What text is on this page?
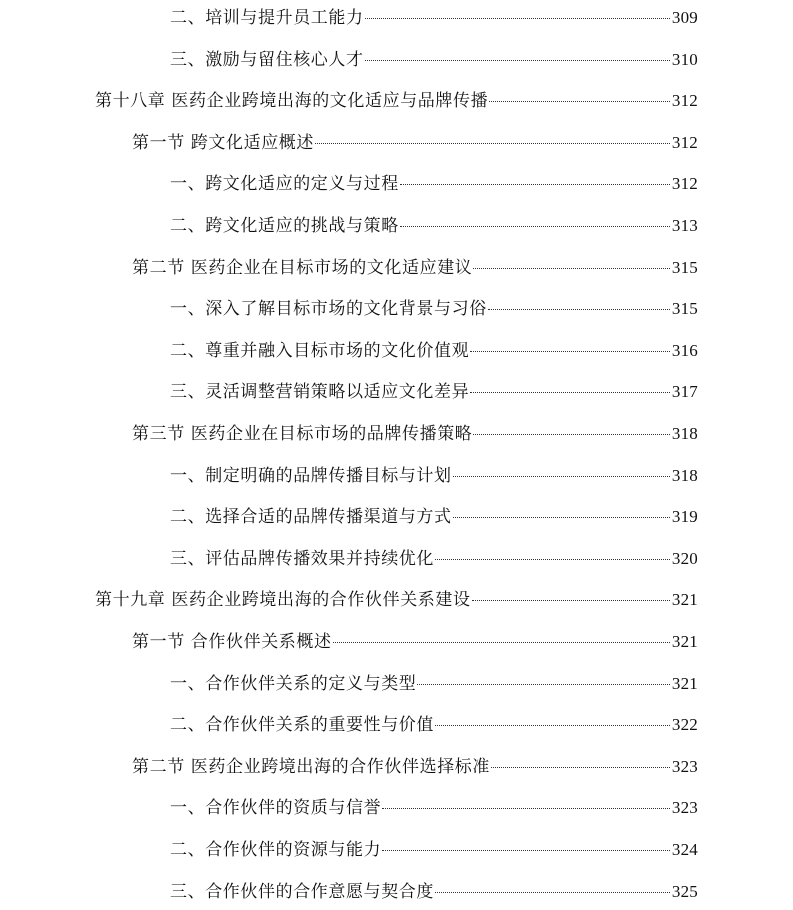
二、培训与提升员工能力	309
三、激励与留住核心人才	310
第十八章 医药企业跨境出海的文化适应与品牌传播	312
第一节 跨文化适应概述	312
一、跨文化适应的定义与过程	312
二、跨文化适应的挑战与策略	313
第二节 医药企业在目标市场的文化适应建议	315
一、深入了解目标市场的文化背景与习俗	315
二、尊重并融入目标市场的文化价值观	316
三、灵活调整营销策略以适应文化差异	317
第三节 医药企业在目标市场的品牌传播策略	318
一、制定明确的品牌传播目标与计划	318
二、选择合适的品牌传播渠道与方式	319
三、评估品牌传播效果并持续优化	320
第十九章 医药企业跨境出海的合作伙伴关系建设	321
第一节 合作伙伴关系概述	321
一、合作伙伴关系的定义与类型	321
二、合作伙伴关系的重要性与价值	322
第二节 医药企业跨境出海的合作伙伴选择标准	323
一、合作伙伴的资质与信誉	323
二、合作伙伴的资源与能力	324
三、合作伙伴的合作意愿与契合度	325
